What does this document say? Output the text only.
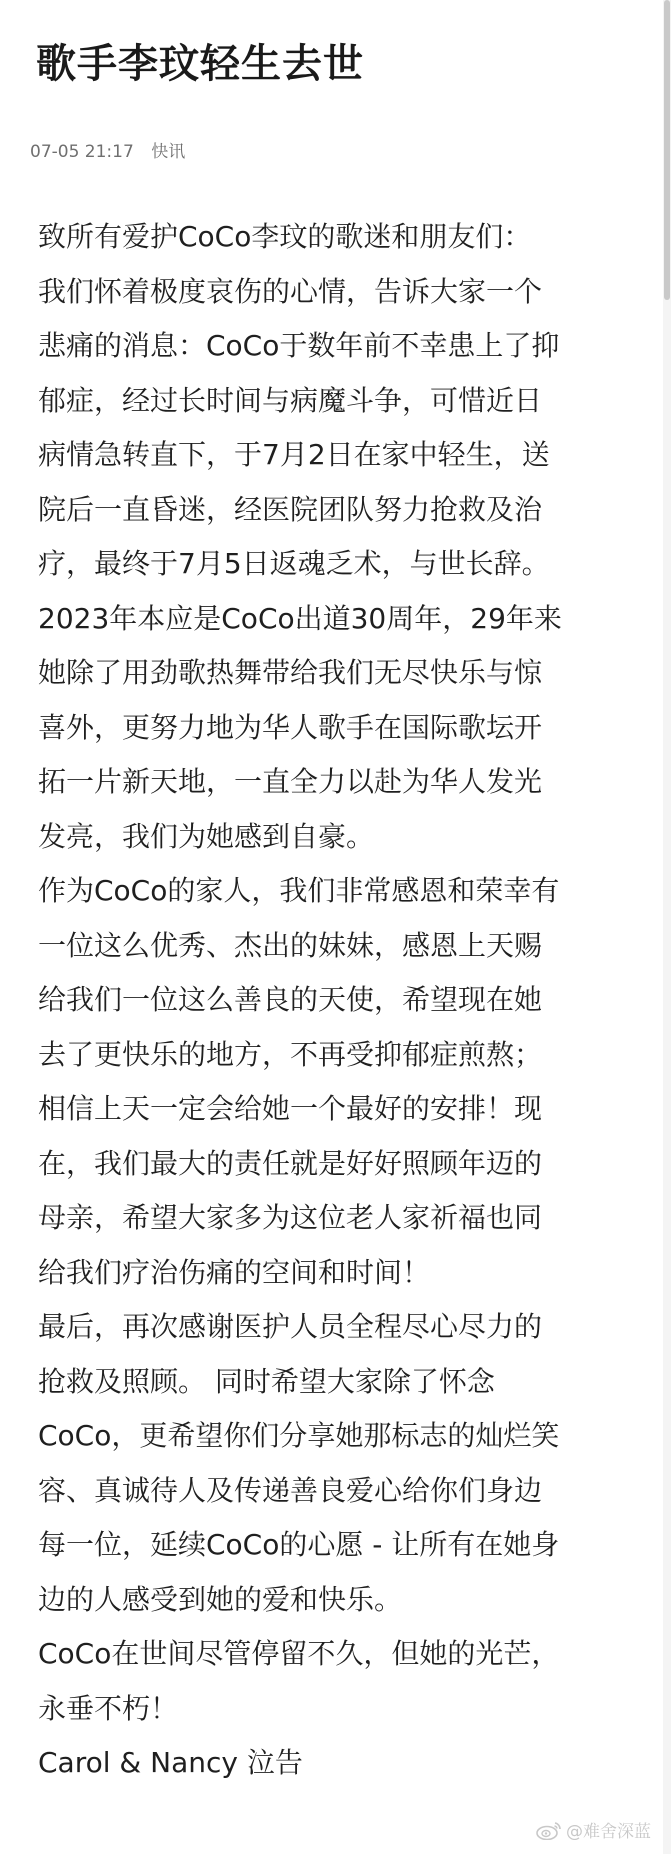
歌手李玟轻生去世
07-05 21:17 快讯
致所有爱护CoCo李玟的歌迷和朋友们：
我们怀着极度哀伤的心情，告诉大家一个
悲痛的消息：CoCo于数年前不幸患上了抑
郁症，经过长时间与病魔斗争，可惜近日
病情急转直下，于7月2日在家中轻生，送
院后一直昏迷，经医院团队努力抢救及治
疗，最终于7月5日返魂乏术，与世长辞。
2023年本应是CoCo出道30周年，29年来
她除了用劲歌热舞带给我们无尽快乐与惊
喜外，更努力地为华人歌手在国际歌坛开
拓一片新天地，一直全力以赴为华人发光
发亮，我们为她感到自豪。
作为CoCo的家人，我们非常感恩和荣幸有
一位这么优秀、杰出的妹妹，感恩上天赐
给我们一位这么善良的天使，希望现在她
去了更快乐的地方，不再受抑郁症煎熬；
相信上天一定会给她一个最好的安排！现
在，我们最大的责任就是好好照顾年迈的
母亲，希望大家多为这位老人家祈福也同
给我们疗治伤痛的空间和时间！
最后，再次感谢医护人员全程尽心尽力的
抢救及照顾。 同时希望大家除了怀念
CoCo，更希望你们分享她那标志的灿烂笑
容、真诚待人及传递善良爱心给你们身边
每一位，延续CoCo的心愿 - 让所有在她身
边的人感受到她的爱和快乐。
CoCo在世间尽管停留不久，但她的光芒，
永垂不朽！
Carol & Nancy 泣告
@难舍深蓝
